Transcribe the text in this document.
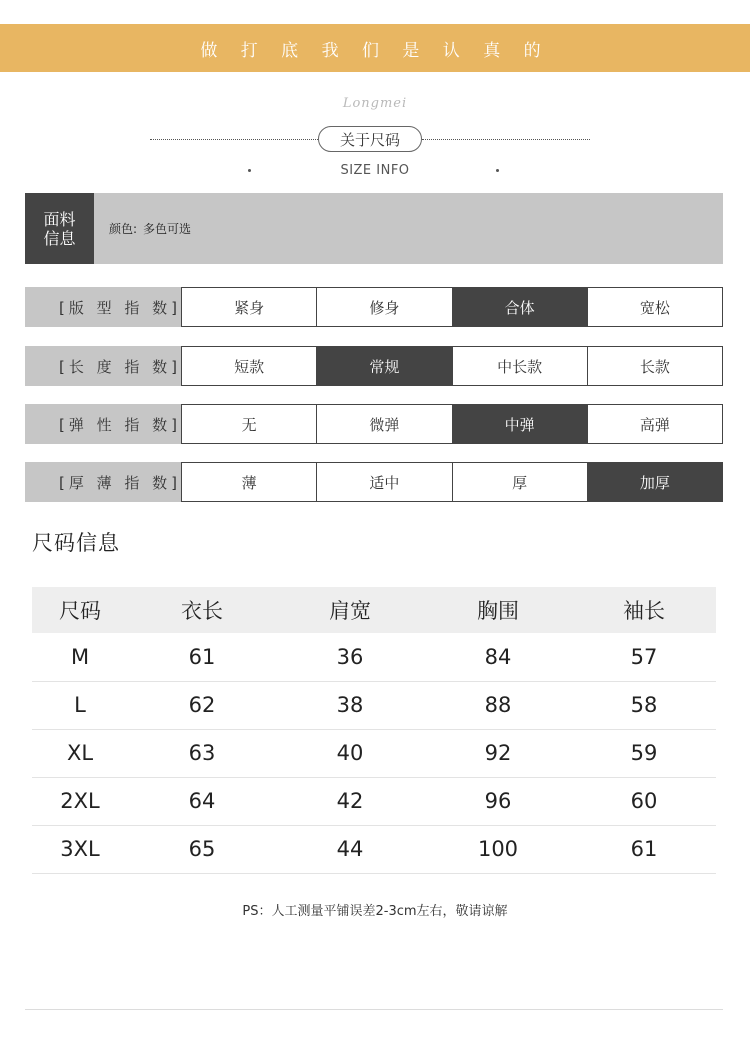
做 打 底 我 们 是 认 真 的
Longmei
关于尺码
SIZE INFO
面料
信息	颜色: 多色可选
[版 型 指 数]	紧身	修身	合体	宽松
[长 度 指 数]	短款	常规	中长款	长款
[弹 性 指 数]	无	微弹	中弹	高弹
[厚 薄 指 数]	薄	适中	厚	加厚
尺码信息
尺码	衣长	肩宽	胸围	袖长
M	61	36	84	57
L	62	38	88	58
XL	63	40	92	59
2XL	64	42	96	60
3XL	65	44	100	61
PS：人工测量平铺误差2-3cm左右，敬请谅解
